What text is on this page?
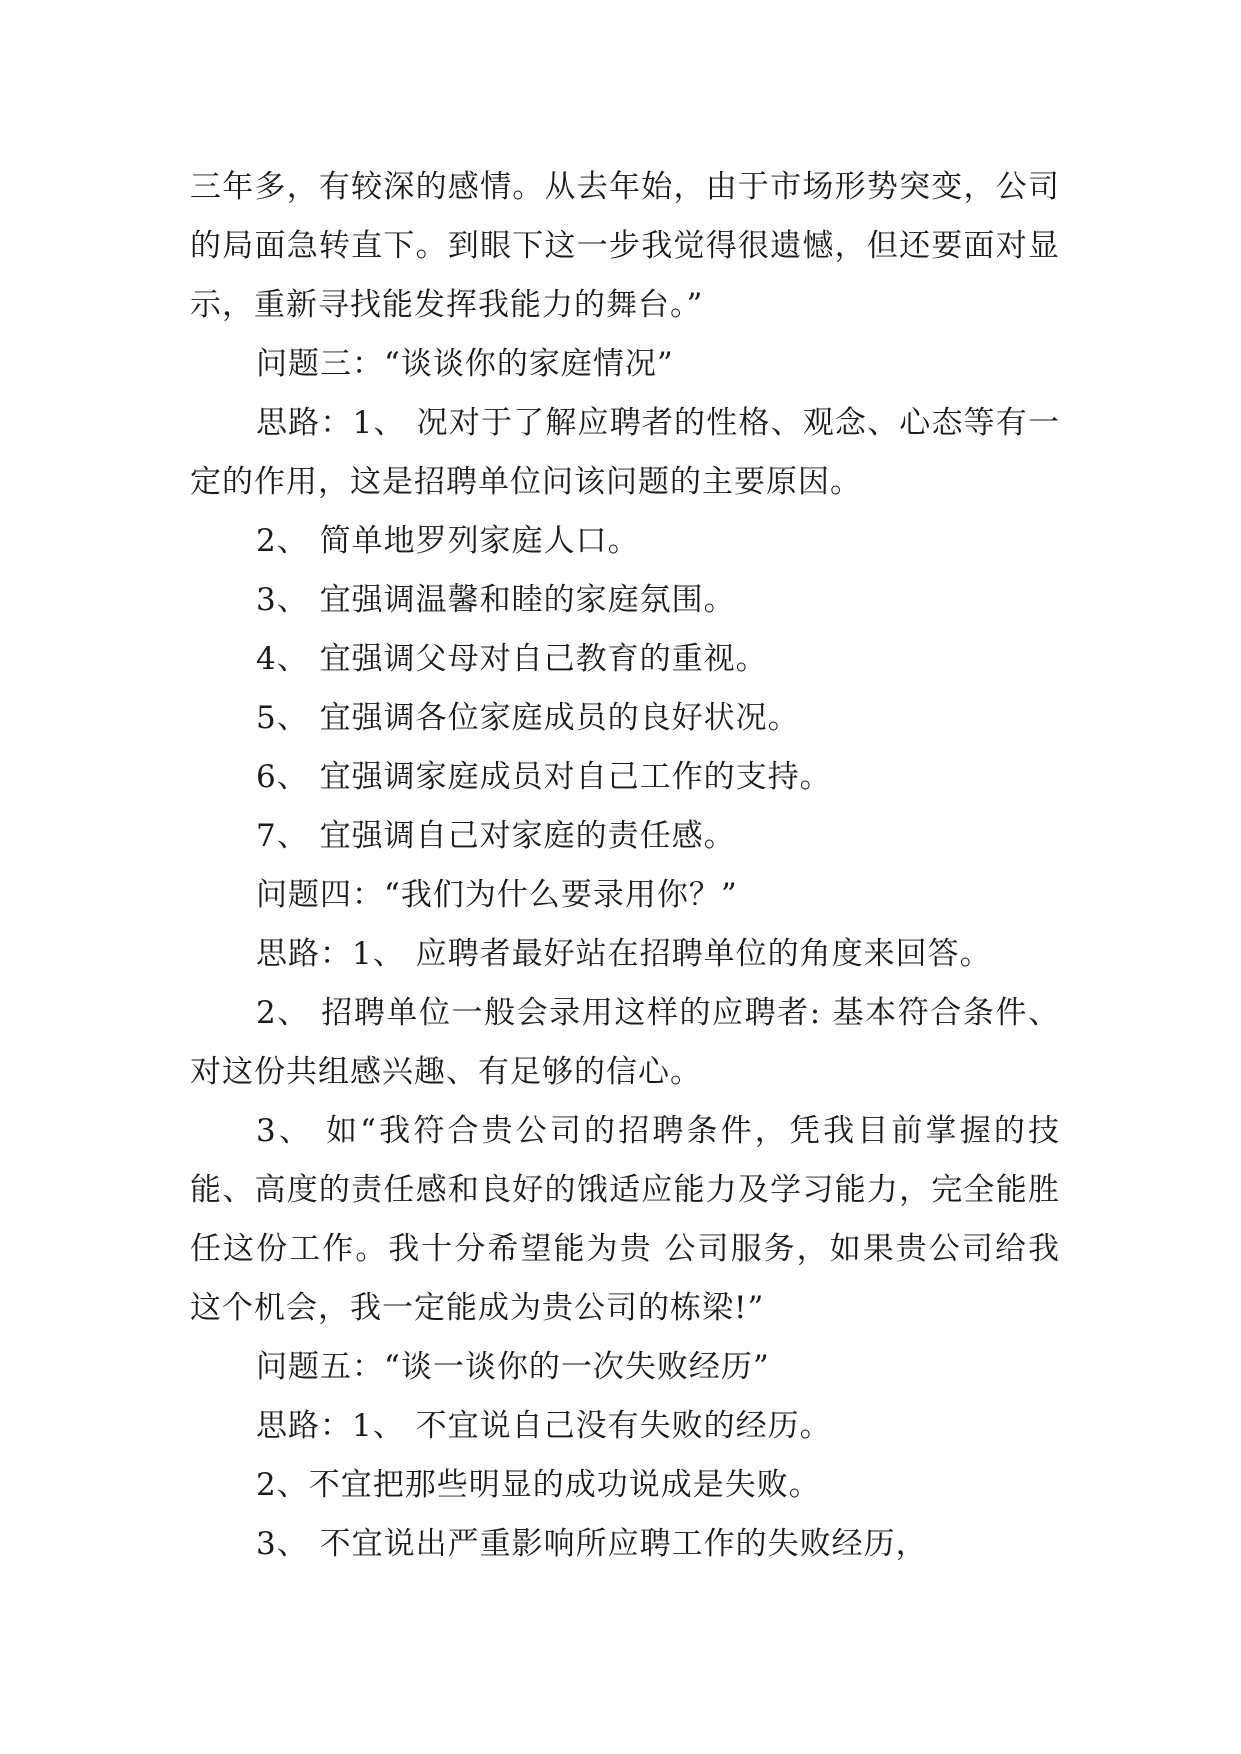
三年多，有较深的感情。从去年始，由于市场形势突变，公司的局面急转直下。到眼下这一步我觉得很遗憾，但还要面对显示，重新寻找能发挥我能力的舞台。”

问题三：“谈谈你的家庭情况”

思路：1、 况对于了解应聘者的性格、观念、心态等有一定的作用，这是招聘单位问该问题的主要原因。

2、 简单地罗列家庭人口。

3、 宜强调温馨和睦的家庭氛围。

4、 宜强调父母对自己教育的重视。

5、 宜强调各位家庭成员的良好状况。

6、 宜强调家庭成员对自己工作的支持。

7、 宜强调自己对家庭的责任感。

问题四：“我们为什么要录用你？”

思路：1、 应聘者最好站在招聘单位的角度来回答。

2、 招聘单位一般会录用这样的应聘者: 基本符合条件、对这份共组感兴趣、有足够的信心。

3、 如“我符合贵公司的招聘条件，凭我目前掌握的技能、高度的责任感和良好的饿适应能力及学习能力，完全能胜任这份工作。我十分希望能为贵 公司服务，如果贵公司给我这个机会，我一定能成为贵公司的栋梁!”

问题五：“谈一谈你的一次失败经历”

思路：1、 不宜说自己没有失败的经历。

2、不宜把那些明显的成功说成是失败。

3、 不宜说出严重影响所应聘工作的失败经历，
